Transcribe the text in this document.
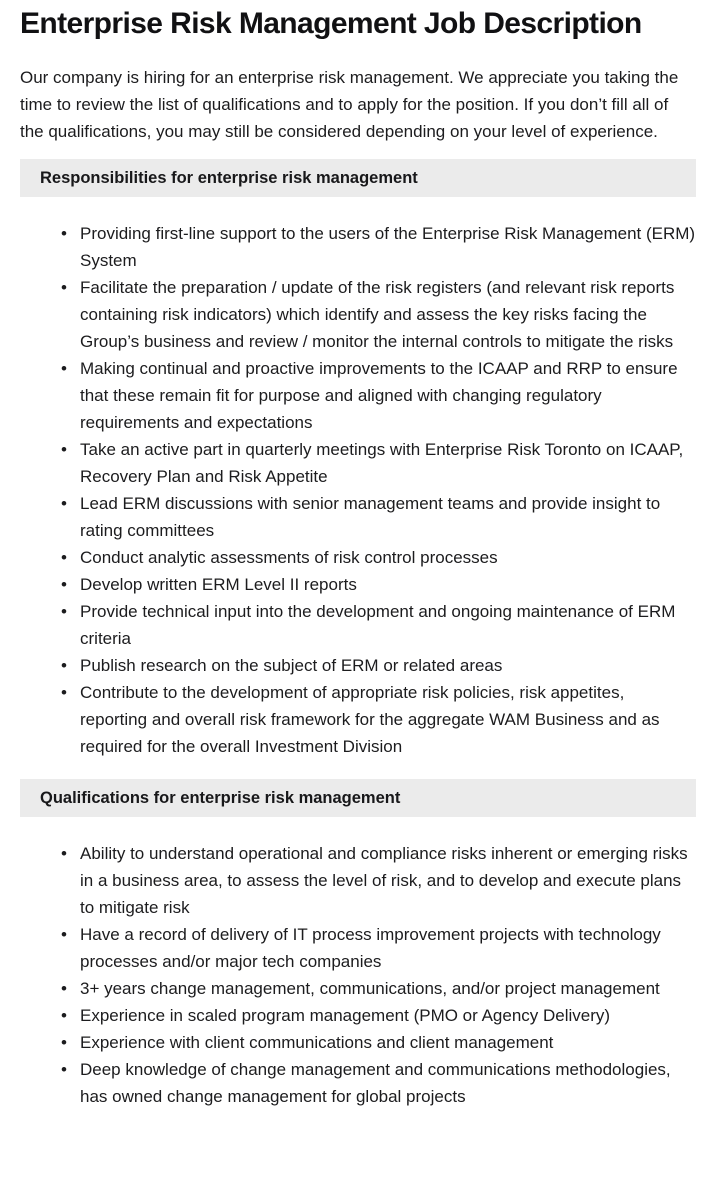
Enterprise Risk Management Job Description

Our company is hiring for an enterprise risk management. We appreciate you taking the time to review the list of qualifications and to apply for the position. If you don’t fill all of the qualifications, you may still be considered depending on your level of experience.

Responsibilities for enterprise risk management
• Providing first-line support to the users of the Enterprise Risk Management (ERM) System
• Facilitate the preparation / update of the risk registers (and relevant risk reports containing risk indicators) which identify and assess the key risks facing the Group’s business and review / monitor the internal controls to mitigate the risks
• Making continual and proactive improvements to the ICAAP and RRP to ensure that these remain fit for purpose and aligned with changing regulatory requirements and expectations
• Take an active part in quarterly meetings with Enterprise Risk Toronto on ICAAP, Recovery Plan and Risk Appetite
• Lead ERM discussions with senior management teams and provide insight to rating committees
• Conduct analytic assessments of risk control processes
• Develop written ERM Level II reports
• Provide technical input into the development and ongoing maintenance of ERM criteria
• Publish research on the subject of ERM or related areas
• Contribute to the development of appropriate risk policies, risk appetites, reporting and overall risk framework for the aggregate WAM Business and as required for the overall Investment Division
Qualifications for enterprise risk management
• Ability to understand operational and compliance risks inherent or emerging risks in a business area, to assess the level of risk, and to develop and execute plans to mitigate risk
• Have a record of delivery of IT process improvement projects with technology processes and/or major tech companies
• 3+ years change management, communications, and/or project management
• Experience in scaled program management (PMO or Agency Delivery)
• Experience with client communications and client management
• Deep knowledge of change management and communications methodologies, has owned change management for global projects
